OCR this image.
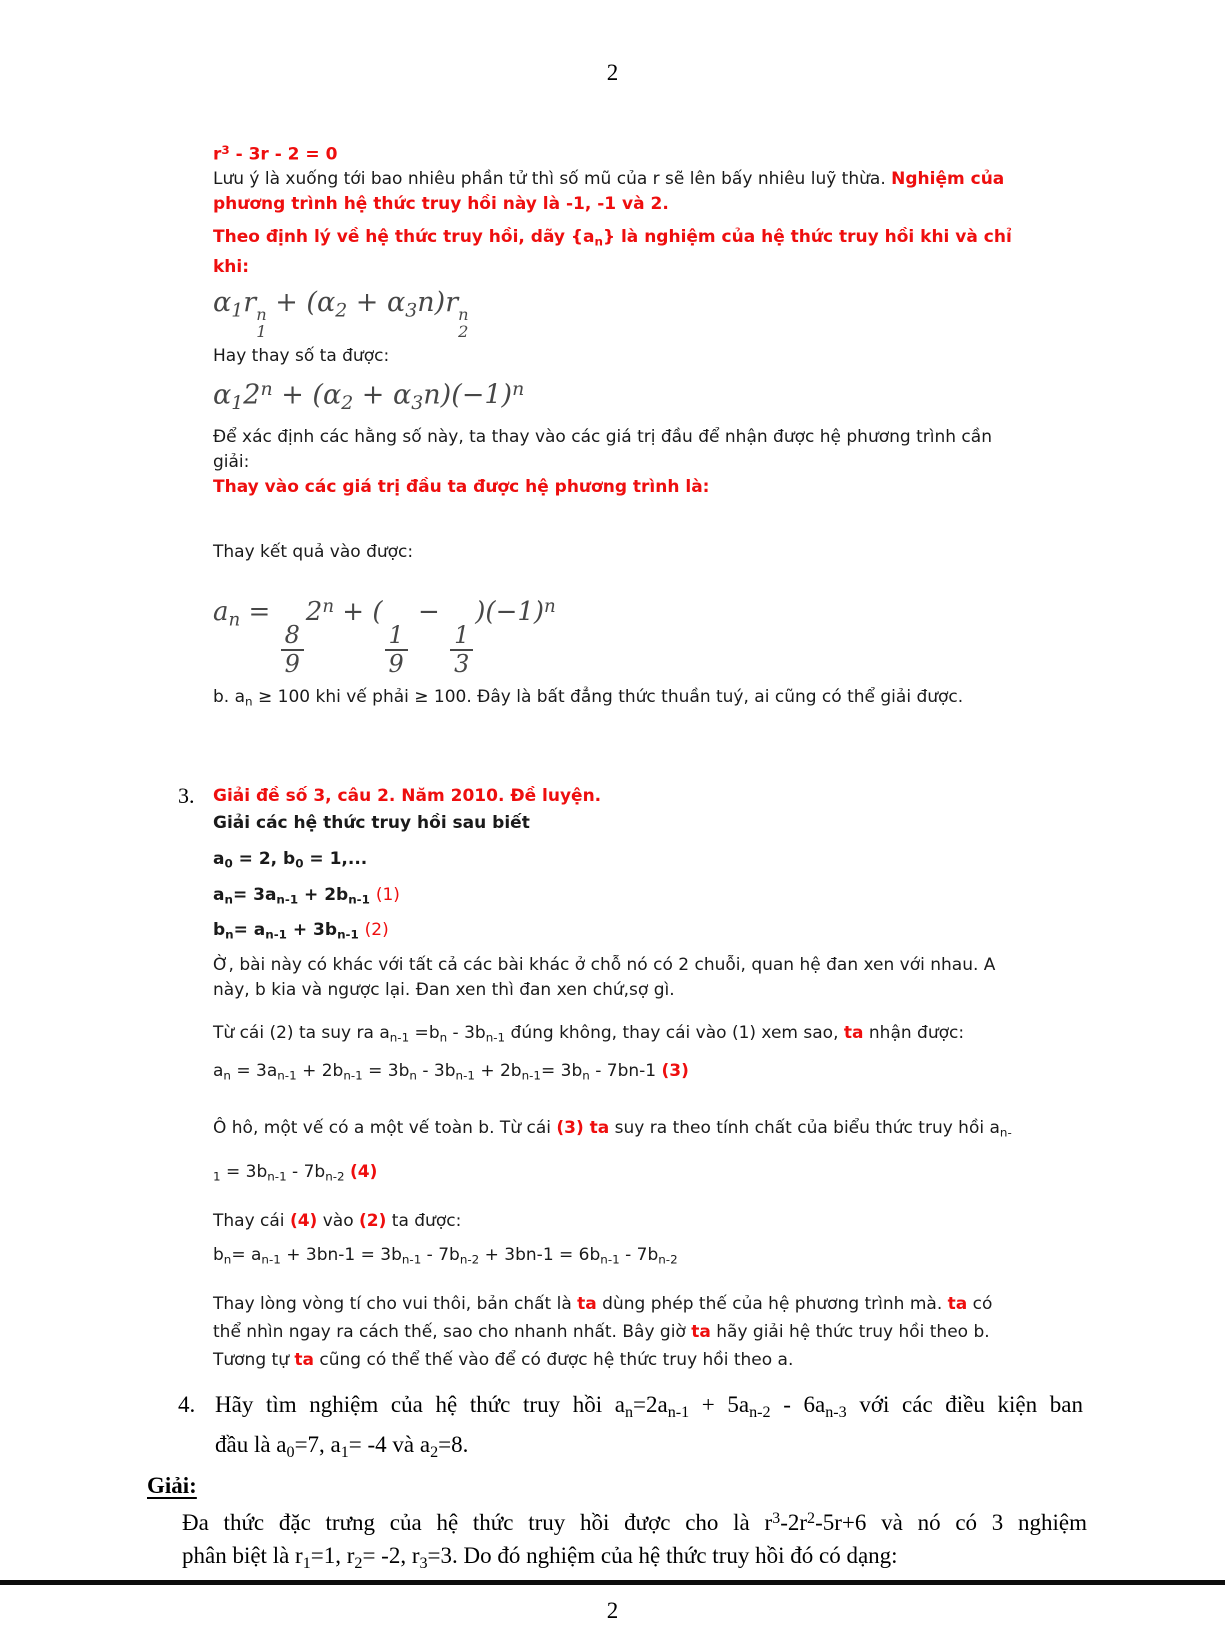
2
$r^3 - 3r - 2 = 0$
Lưu ý là xuống tới bao nhiêu phần tử thì số mũ của r sẽ lên bấy nhiêu luỹ thừa. Nghiệm của
phương trình hệ thức truy hồi này là -1, -1 và 2.
Theo định lý về hệ thức truy hồi, dãy $\{a_n\}$ là nghiệm của hệ thức truy hồi khi và chỉ
khi:
$\alpha_1r$ n
1
+ $(\alpha_2 + \alpha_3n)r$ n
2
Hay thay số ta được:
$\alpha_12^n + (\alpha_2 + \alpha_3n)(-1)^n$
Để xác định các hằng số này, ta thay vào các giá trị đầu để nhận được hệ phương trình cần
giải:
Thay vào các giá trị đầu ta được hệ phương trình là:
Thay kết quả vào được:
$a_n$ =
$\frac{8}{9}$
$2^n$ + (
$\frac{1}{9}$
−
$\frac{1}{3}$
)$(-1)^n$
b. $a_n \ge 100$ khi vế phải ≥ 100. Đây là bất đẳng thức thuần tuý, ai cũng có thể giải được.
3.	Giải đề số 3, câu 2. Năm 2010. Đề luyện.
Giải các hệ thức truy hồi sau biết
$a_0 = 2$, $b_0 = 1$,...
$a_n= 3a_{n-1} + 2b_{n-1}$ (1)
$b_n= a_{n-1} + 3b_{n-1}$ (2)
Ờ, bài này có khác với tất cả các bài khác ở chỗ nó có 2 chuỗi, quan hệ đan xen với nhau. A
này, b kia và ngược lại. Đan xen thì đan xen chứ,sợ gì.
Từ cái (2) ta suy ra $a_{n-1} =b_n - 3b_{n-1}$ đúng không, thay cái vào (1) xem sao, ta nhận được:
$a_n = 3a_{n-1} + 2b_{n-1} = 3b_n - 3b_{n-1} + 2b_{n-1}= 3b_n - 7bn-1$ (3)
Ô hô, một vế có a một vế toàn b. Từ cái (3) ta suy ra theo tính chất của biểu thức truy hồi $a_{n-}$
$_1 = 3b_{n-1} - 7b_{n-2}$ (4)
Thay cái (4) vào (2) ta được:
$b_n= a_{n-1} + 3bn-1 = 3b_{n-1} - 7b_{n-2} + 3bn-1 = 6b_{n-1} - 7b_{n-2}$
Thay lòng vòng tí cho vui thôi, bản chất là ta dùng phép thế của hệ phương trình mà. ta có
thể nhìn ngay ra cách thế, sao cho nhanh nhất. Bây giờ ta hãy giải hệ thức truy hồi theo b.
Tương tự ta cũng có thể thế vào để có được hệ thức truy hồi theo a.
4. Hãy tìm nghiệm của hệ thức truy hồi $a_n=2a_{n-1} + 5a_{n-2} - 6a_{n-3}$ với các điều kiện ban
đầu là $a_0=7$, $a_1= -4$ và $a_2=8$.
Giải:
Đa thức đặc trưng của hệ thức truy hồi được cho là $r^3-2r^2-5r+6$ và nó có 3 nghiệm
phân biệt là $r_1=1$, $r_2= -2$, $r_3=3$. Do đó nghiệm của hệ thức truy hồi đó có dạng:
2
